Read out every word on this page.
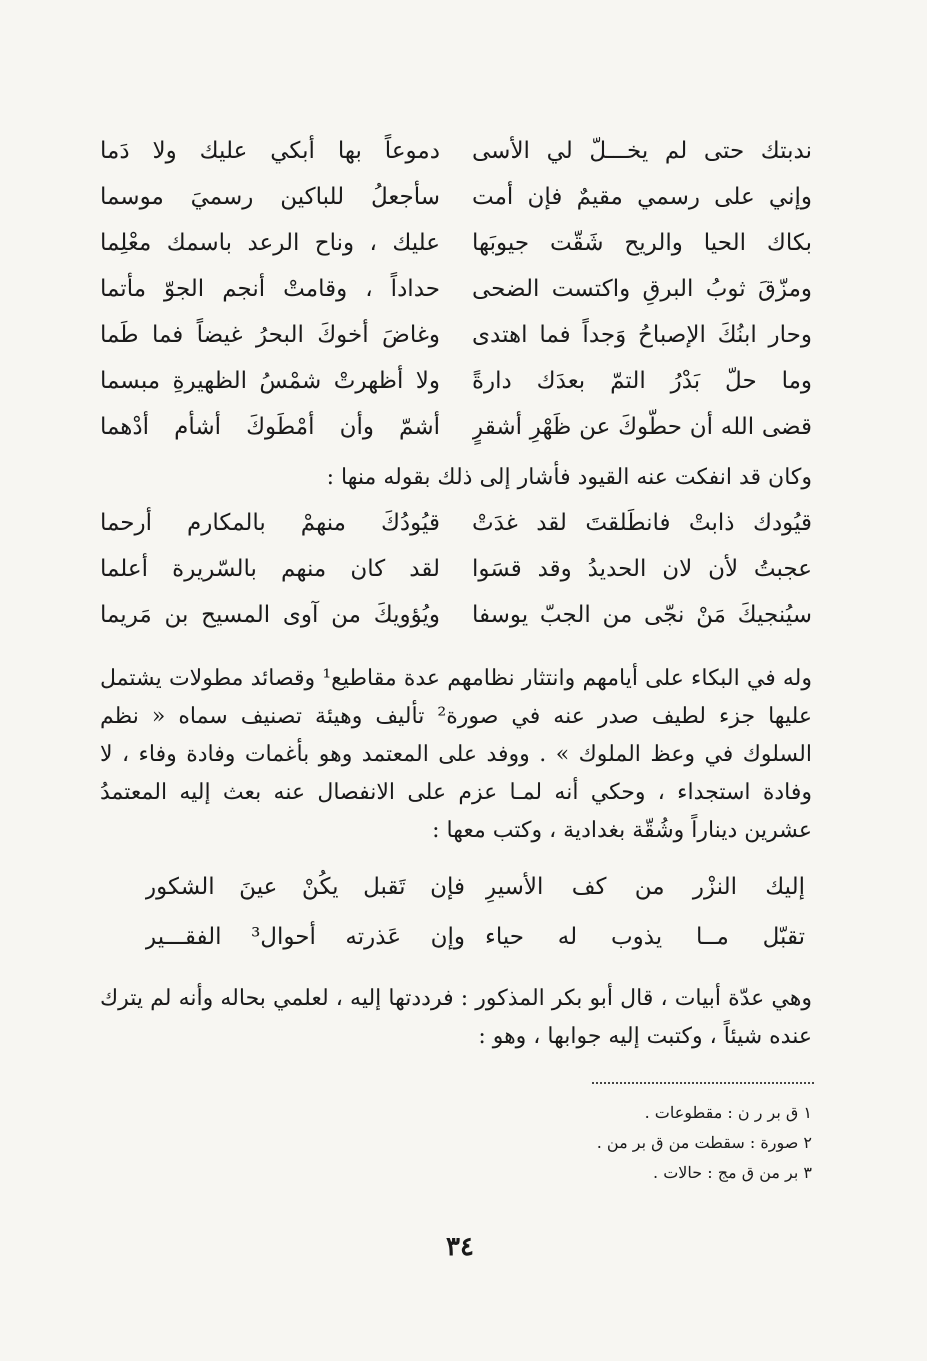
ندبتك حتى لم يخـــلّ لي الأسى
دموعاً بها أبكي عليك ولا دَما
وإني على رسمي مقيمٌ فإن أمت
سأجعلُ للباكين رسميَ موسما
بكاك الحيا والريح شَقّت جيوبَها
عليك ، وناح الرعد باسمك معْلِما
ومزّقَ ثوبُ البرقِ واكتست الضحى
حداداً ، وقامتْ أنجم الجوّ مأتما
وحار ابنُكَ الإصباحُ وَجداً فما اهتدى
وغاضَ أخوكَ البحرُ غيضاً فما طَما
وما حلّ بَدْرُ التمّ بعدَك دارةً
ولا أظهرتْ شمْسُ الظهيرةِ مبسما
قضى الله أن حطّوكَ عن ظَهْرِ أشقرٍ
أشمّ وأن أمْطَوكَ أشأم أدْهما
وكان قد انفكت عنه القيود فأشار إلى ذلك بقوله منها :
قيُودك ذابتْ فانطَلقتَ لقد غدَتْ
قيُودُكَ منهمْ بالمكارم أرحما
عجبتُ لأن لان الحديدُ وقد قسَوا
لقد كان منهم بالسّريرة أعلما
سيُنجيكَ مَنْ نجّى من الجبّ يوسفا
ويُؤويكَ من آوى المسيح بن مَريما

وله في البكاء على أيامهم وانتثار نظامهم عدة مقاطيع¹ وقصائد مطولات يشتمل عليها جزء لطيف صدر عنه في صورة² تأليف وهيئة تصنيف سماه « نظم السلوك في وعظ الملوك » . ووفد على المعتمد وهو بأغمات وفادة وفاء ، لا وفادة استجداء ، وحكي أنه لمـا عزم على الانفصال عنه بعث إليه المعتمدُ عشرين ديناراً وشُقّة بغدادية ، وكتب معها :

إليك النزْر من كف الأسيرِ
فإن تَقبل يكُنْ عينَ الشكور
تقبّل مــا يذوب له حياء
وإن عَذرته أحوال³ الفقـــير

وهي عدّة أبيات ، قال أبو بكر المذكور : فرددتها إليه ، لعلمي بحاله وأنه لم يترك عنده شيئاً ، وكتبت إليه جوابها ، وهو :

١ ق بر ر ن : مقطوعات .
٢ صورة : سقطت من ق بر من .
٣ بر من ق مج : حالات .
٣٤
